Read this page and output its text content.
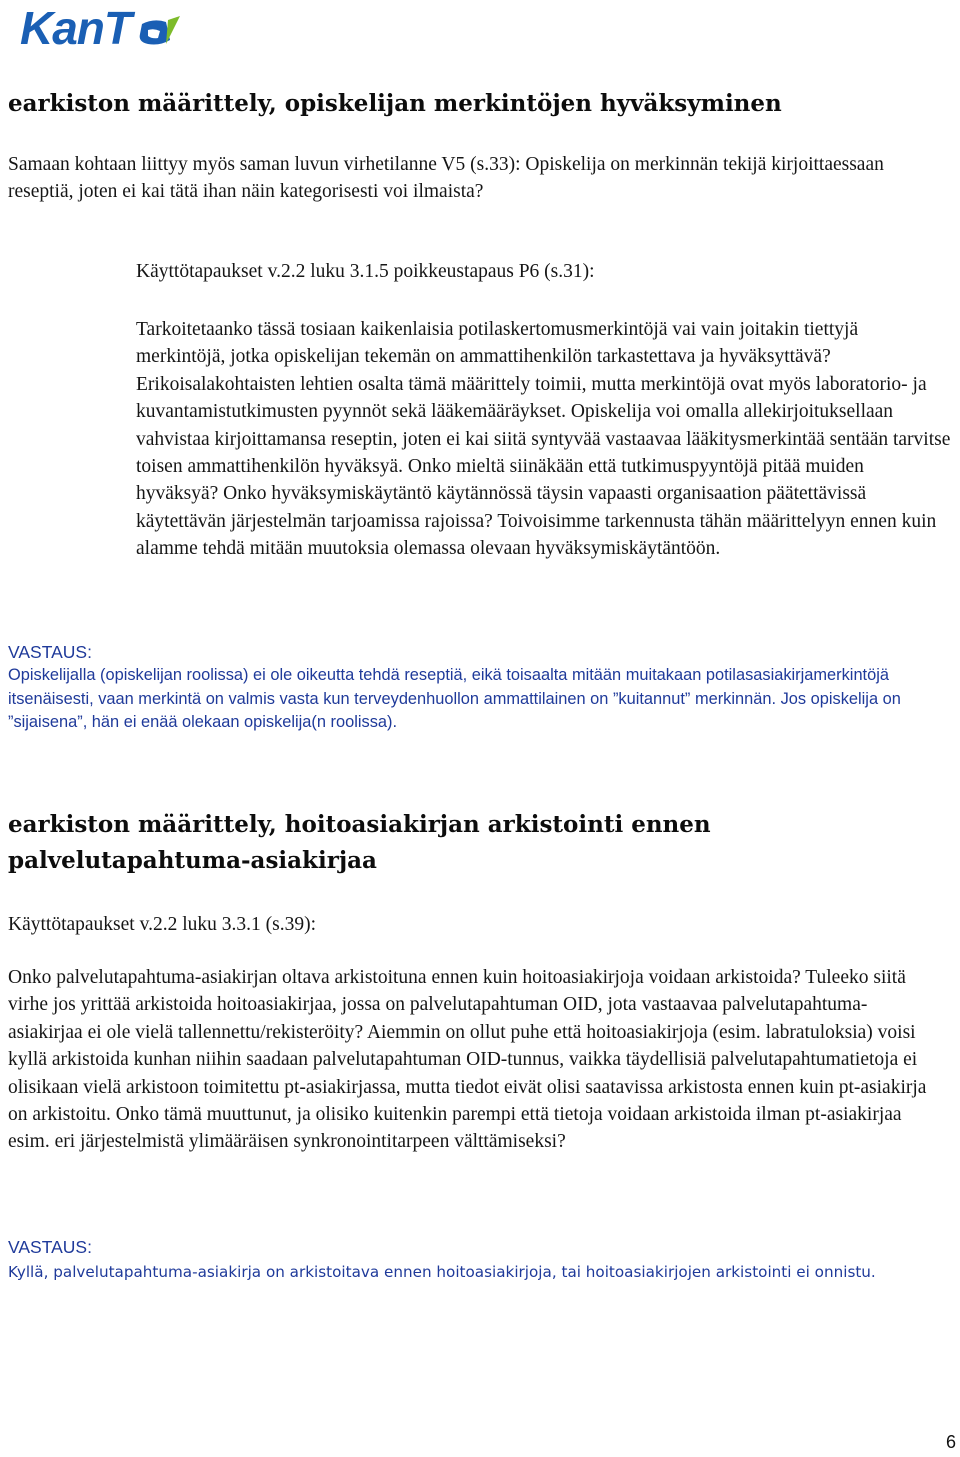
KanT
earkiston määrittely, opiskelijan merkintöjen hyväksyminen

Samaan kohtaan liittyy myös saman luvun virhetilanne V5 (s.33): Opiskelija on merkinnän tekijä kirjoittaessaan reseptiä, joten ei kai tätä ihan näin kategorisesti voi ilmaista?

Käyttötapaukset v.2.2 luku 3.1.5 poikkeustapaus P6 (s.31):

Tarkoitetaanko tässä tosiaan kaikenlaisia potilaskertomusmerkintöjä vai vain joitakin tiettyjä merkintöjä, jotka opiskelijan tekemän on ammattihenkilön tarkastettava ja hyväksyttävä? Erikoisalakohtaisten lehtien osalta tämä määrittely toimii, mutta merkintöjä ovat myös laboratorio- ja kuvantamistutkimusten pyynnöt sekä lääkemääräykset. Opiskelija voi omalla allekirjoituksellaan vahvistaa kirjoittamansa reseptin, joten ei kai siitä syntyvää vastaavaa lääkitysmerkintää sentään tarvitse toisen ammattihenkilön hyväksyä. Onko mieltä siinäkään että tutkimuspyyntöjä pitää muiden hyväksyä? Onko hyväksymiskäytäntö käytännössä täysin vapaasti organisaation päätettävissä käytettävän järjestelmän tarjoamissa rajoissa? Toivoisimme tarkennusta tähän määrittelyyn ennen kuin alamme tehdä mitään muutoksia olemassa olevaan hyväksymiskäytäntöön.

VASTAUS:

Opiskelijalla (opiskelijan roolissa) ei ole oikeutta tehdä reseptiä, eikä toisaalta mitään muitakaan potilasasiakirjamerkintöjä itsenäisesti, vaan merkintä on valmis vasta kun terveydenhuollon ammattilainen on ”kuitannut” merkinnän. Jos opiskelija on ”sijaisena”, hän ei enää olekaan opiskelija(n roolissa).

earkiston määrittely, hoitoasiakirjan arkistointi ennen palvelutapahtuma-asiakirjaa

Käyttötapaukset v.2.2 luku 3.3.1 (s.39):

Onko palvelutapahtuma-asiakirjan oltava arkistoituna ennen kuin hoitoasiakirjoja voidaan arkistoida? Tuleeko siitä virhe jos yrittää arkistoida hoitoasiakirjaa, jossa on palvelutapahtuman OID, jota vastaavaa palvelutapahtuma-asiakirjaa ei ole vielä tallennettu/rekisteröity? Aiemmin on ollut puhe että hoitoasiakirjoja (esim. labratuloksia) voisi kyllä arkistoida kunhan niihin saadaan palvelutapahtuman OID-tunnus, vaikka täydellisiä palvelutapahtumatietoja ei olisikaan vielä arkistoon toimitettu pt-asiakirjassa, mutta tiedot eivät olisi saatavissa arkistosta ennen kuin pt-asiakirja on arkistoitu. Onko tämä muuttunut, ja olisiko kuitenkin parempi että tietoja voidaan arkistoida ilman pt-asiakirjaa esim. eri järjestelmistä ylimääräisen synkronointitarpeen välttämiseksi?

VASTAUS:

Kyllä, palvelutapahtuma-asiakirja on arkistoitava ennen hoitoasiakirjoja, tai hoitoasiakirjojen arkistointi ei onnistu.

6
